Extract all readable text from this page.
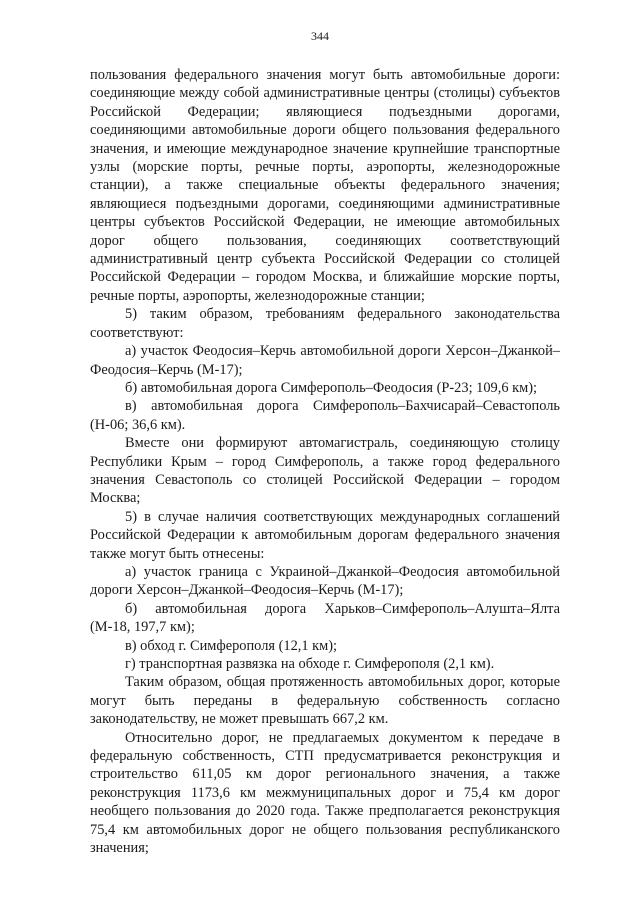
344

пользования федерального значения могут быть автомобильные дороги: соединяющие между собой административные центры (столицы) субъектов Российской Федерации; являющиеся подъездными дорогами, соединяющими автомобильные дороги общего пользования федерального значения, и имеющие международное значение крупнейшие транспортные узлы (морские порты, речные порты, аэропорты, железнодорожные станции), а также специальные объекты федерального значения; являющиеся подъездными дорогами, соединяющими административные центры субъектов Российской Федерации, не имеющие автомобильных дорог общего пользования, соединяющих соответствующий административный центр субъекта Российской Федерации со столицей Российской Федерации – городом Москва, и ближайшие морские порты, речные порты, аэропорты, железнодорожные станции;

5) таким образом, требованиям федерального законодательства соответствуют:

а) участок Феодосия–Керчь автомобильной дороги Херсон–Джанкой–Феодосия–Керчь (М-17);

б) автомобильная дорога Симферополь–Феодосия (Р-23; 109,6 км);

в) автомобильная дорога Симферополь–Бахчисарай–Севастополь (Н-06; 36,6 км).

Вместе они формируют автомагистраль, соединяющую столицу Республики Крым – город Симферополь, а также город федерального значения Севастополь со столицей Российской Федерации – городом Москва;

5) в случае наличия соответствующих международных соглашений Российской Федерации к автомобильным дорогам федерального значения также могут быть отнесены:

а) участок граница с Украиной–Джанкой–Феодосия автомобильной дороги Херсон–Джанкой–Феодосия–Керчь (М-17);

б) автомобильная дорога Харьков–Симферополь–Алушта–Ялта (М-18, 197,7 км);

в) обход г. Симферополя (12,1 км);

г) транспортная развязка на обходе г. Симферополя (2,1 км).

Таким образом, общая протяженность автомобильных дорог, которые могут быть переданы в федеральную собственность согласно законодательству, не может превышать 667,2 км.

Относительно дорог, не предлагаемых документом к передаче в федеральную собственность, СТП предусматривается реконструкция и строительство 611,05 км дорог регионального значения, а также реконструкция 1173,6 км межмуниципальных дорог и 75,4 км дорог необщего пользования до 2020 года. Также предполагается реконструкция 75,4 км автомобильных дорог не общего пользования республиканского значения;
